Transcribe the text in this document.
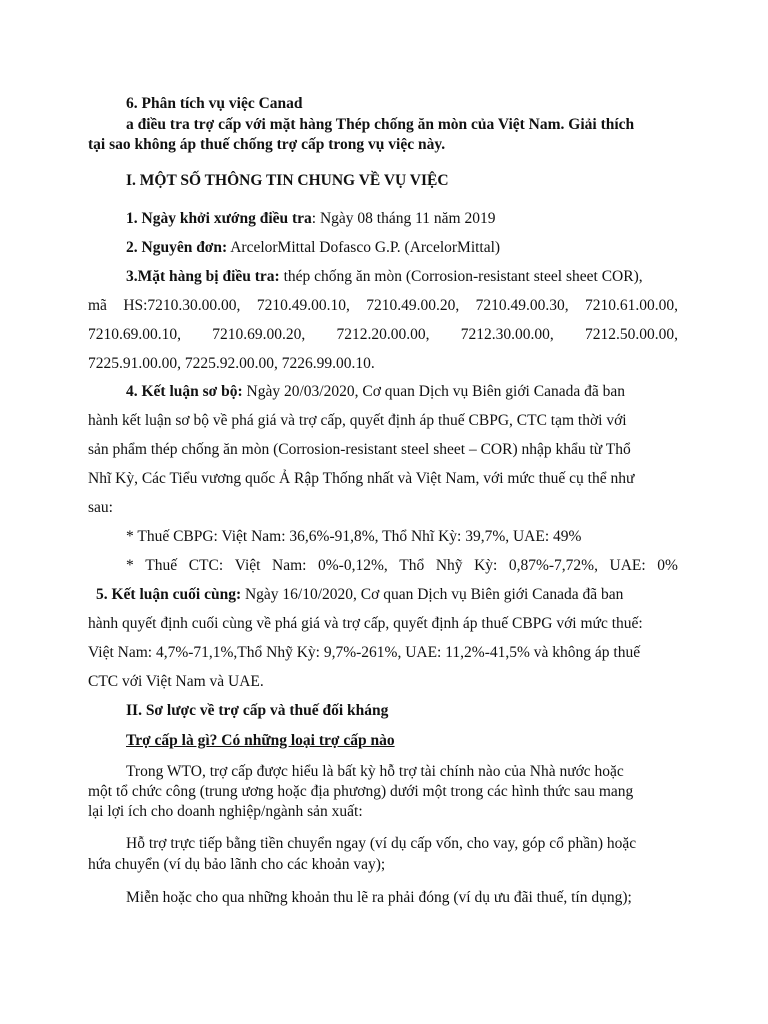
6. Phân tích vụ việc Canad
a điều tra trợ cấp với mặt hàng Thép chống ăn mòn của Việt Nam. Giải thích
tại sao không áp thuế chống trợ cấp trong vụ việc này.
I. MỘT SỐ THÔNG TIN CHUNG VỀ VỤ VIỆC
1. Ngày khởi xướng điều tra: Ngày 08 tháng 11 năm 2019
2. Nguyên đơn: ArcelorMittal Dofasco G.P. (ArcelorMittal)
3.Mặt hàng bị điều tra: thép chống ăn mòn (Corrosion-resistant steel sheet COR),
mã HS:7210.30.00.00, 7210.49.00.10, 7210.49.00.20, 7210.49.00.30, 7210.61.00.00,
7210.69.00.10, 7210.69.00.20, 7212.20.00.00, 7212.30.00.00, 7212.50.00.00,
7225.91.00.00, 7225.92.00.00, 7226.99.00.10.
4. Kết luận sơ bộ: Ngày 20/03/2020, Cơ quan Dịch vụ Biên giới Canada đã ban
hành kết luận sơ bộ về phá giá và trợ cấp, quyết định áp thuế CBPG, CTC tạm thời với
sản phẩm thép chống ăn mòn (Corrosion-resistant steel sheet – COR) nhập khẩu từ Thổ
Nhĩ Kỳ, Các Tiểu vương quốc Ả Rập Thống nhất và Việt Nam, với mức thuế cụ thể như
sau:
* Thuế CBPG: Việt Nam: 36,6%-91,8%, Thổ Nhĩ Kỳ: 39,7%, UAE: 49%
* Thuế CTC: Việt Nam: 0%-0,12%, Thổ Nhỹ Kỳ: 0,87%-7,72%, UAE: 0%
5. Kết luận cuối cùng: Ngày 16/10/2020, Cơ quan Dịch vụ Biên giới Canada đã ban
hành quyết định cuối cùng về phá giá và trợ cấp, quyết định áp thuế CBPG với mức thuế:
Việt Nam: 4,7%-71,1%,Thổ Nhỹ Kỳ: 9,7%-261%, UAE: 11,2%-41,5% và không áp thuế
CTC với Việt Nam và UAE.
II. Sơ lược về trợ cấp và thuế đối kháng
Trợ cấp là gì? Có những loại trợ cấp nào
Trong WTO, trợ cấp được hiểu là bất kỳ hỗ trợ tài chính nào của Nhà nước hoặc
một tổ chức công (trung ương hoặc địa phương) dưới một trong các hình thức sau mang
lại lợi ích cho doanh nghiệp/ngành sản xuất:
Hỗ trợ trực tiếp bằng tiền chuyển ngay (ví dụ cấp vốn, cho vay, góp cổ phần) hoặc
hứa chuyển (ví dụ bảo lãnh cho các khoản vay);
Miễn hoặc cho qua những khoản thu lẽ ra phải đóng (ví dụ ưu đãi thuế, tín dụng);
